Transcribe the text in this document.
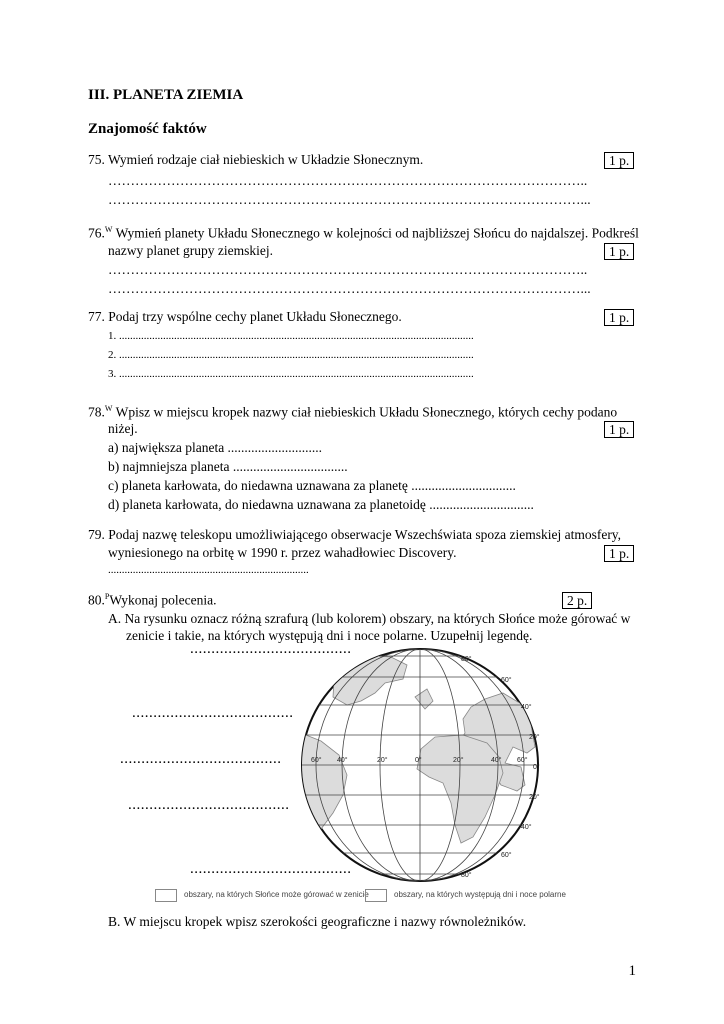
III. PLANETA ZIEMIA
Znajomość faktów
75. Wymień rodzaje ciał niebieskich w Układzie Słonecznym.	1 p.
……………………………………………………………………………………………..
……………………………………………………………………………………………...
76.$^W$ Wymień planety Układu Słonecznego w kolejności od najbliższej Słońcu do najdalszej. Podkreśl
nazwy planet grupy ziemskiej.	1 p.
……………………………………………………………………………………………..
……………………………………………………………………………………………...
77. Podaj trzy wspólne cechy planet Układu Słonecznego.	1 p.
1. .................................................................................................................................
2. .................................................................................................................................
3. .................................................................................................................................
78.$^W$ Wpisz w miejscu kropek nazwy ciał niebieskich Układu Słonecznego, których cechy podano
niżej.	1 p.
a) największa planeta ............................
b) najmniejsza planeta ..................................
c) planeta karłowata, do niedawna uznawana za planetę ...............................
d) planeta karłowata, do niedawna uznawana za planetoidę ...............................
79. Podaj nazwę teleskopu umożliwiającego obserwacje Wszechświata spoza ziemskiej atmosfery,
wyniesionego na orbitę w 1990 r. przez wahadłowiec Discovery.	1 p.
.........................................................................
80.$^P$Wykonaj polecenia.	2 p.
A. Na rysunku oznacz różną szrafurą (lub kolorem) obszary, na których Słońce może górować w
zenicie i takie, na których występują dni i noce polarne. Uzupełnij legendę.
80°
60°
40°
20°
0°
20°
40°
60°
80°
60° 40°	20°	0°	20°	40° 60°
......................................
......................................
......................................
......................................
......................................
obszary, na których Słońce może górować w zenicie	obszary, na których występują dni i noce polarne
B. W miejscu kropek wpisz szerokości geograficzne i nazwy równoleżników.
1
